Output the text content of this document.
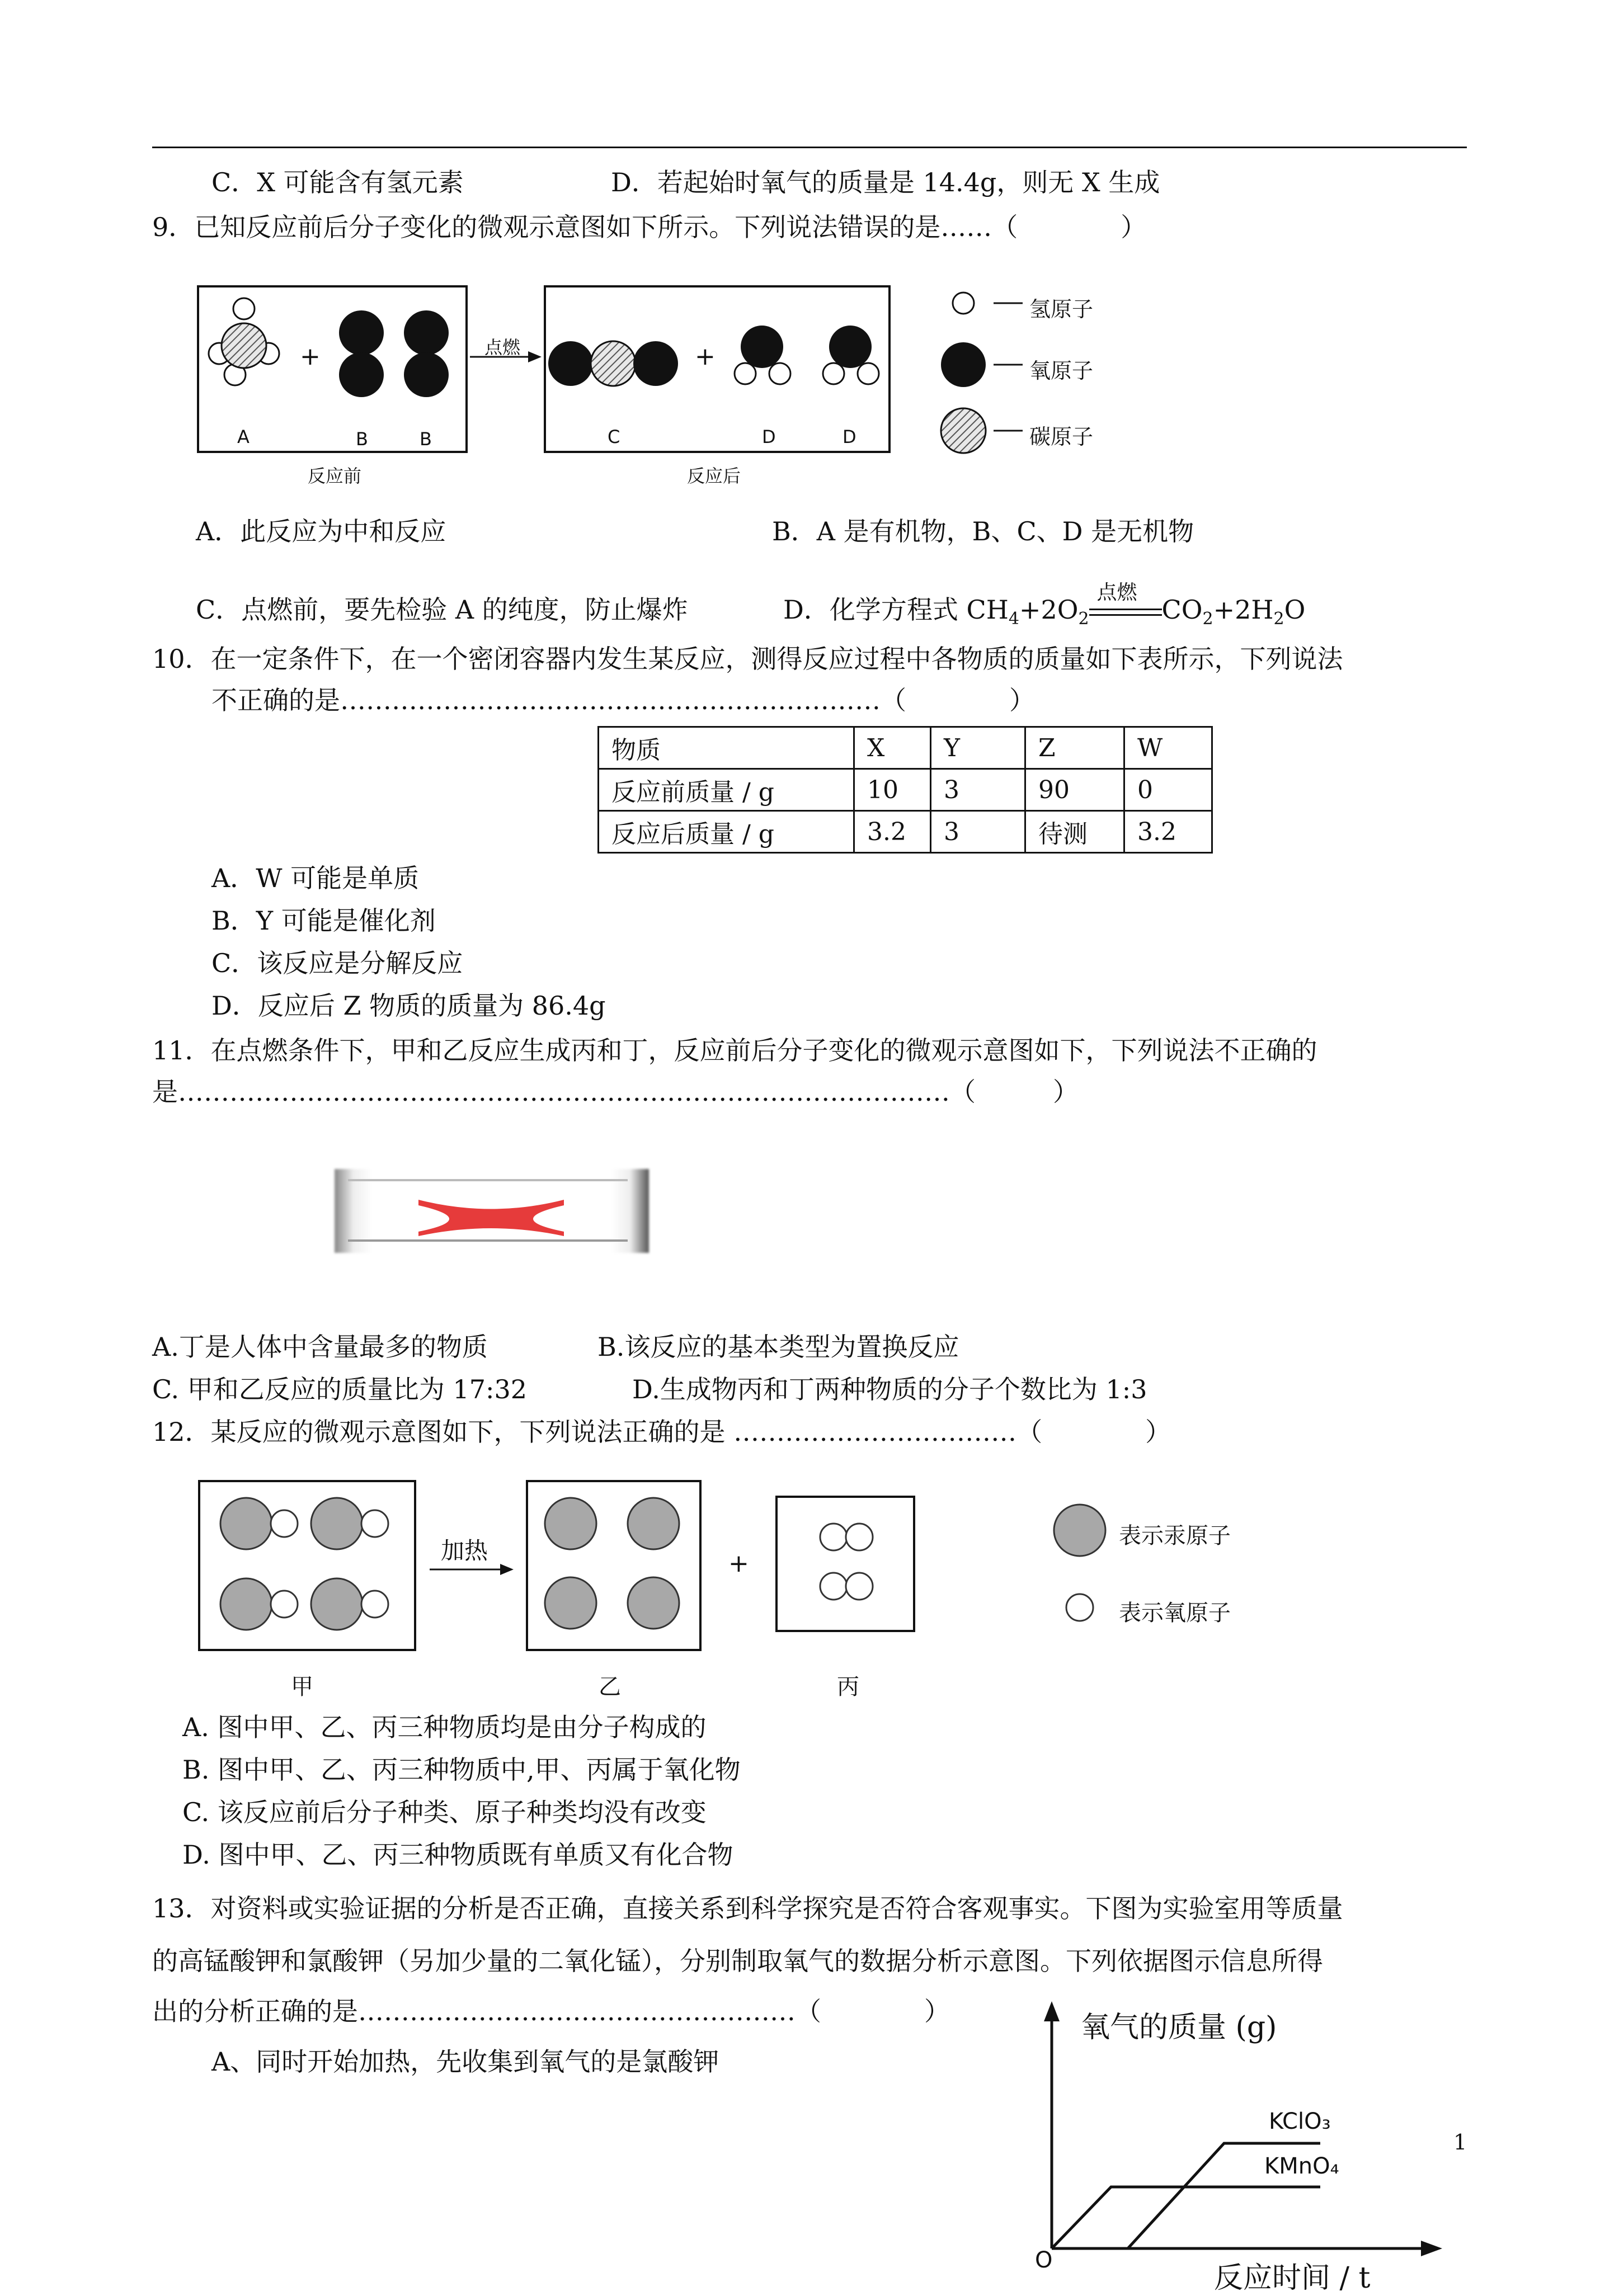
C．X 可能含有氢元素	D．若起始时氧气的质量是 14.4g，则无 X 生成
9．已知反应前后分子变化的微观示意图如下所示。下列说法错误的是……（　　　　）
点燃
+	+
A	B	B	C	D	D
反应前	反应后
氢原子
氧原子
碳原子
A．此反应为中和反应	B．A 是有机物，B、C、D 是无机物
C．点燃前，要先检验 A 的纯度，防止爆炸	D．化学方程式 $CH_4+2O_2$
点燃
$CO_2+2H_2O$
10．在一定条件下，在一个密闭容器内发生某反应，测得反应过程中各物质的质量如下表所示，下列说法
不正确的是………………………………………………………（　　　　）
物质	X	Y	Z	W
反应前质量 / g	10	3	90	0
反应后质量 / g	3.2	3	待测	3.2
A．W 可能是单质
B．Y 可能是催化剂
C．该反应是分解反应
D．反应后 Z 物质的质量为 86.4g
11．在点燃条件下，甲和乙反应生成丙和丁，反应前后分子变化的微观示意图如下，下列说法不正确的
是………………………………………………………………………………（　　　）
A.丁是人体中含量最多的物质	B.该反应的基本类型为置换反应
C. 甲和乙反应的质量比为 17:32	D.生成物丙和丁两种物质的分子个数比为 1:3
12．某反应的微观示意图如下，下列说法正确的是 ……………………………（　　　　）
加热	+
甲	乙	丙
表示汞原子
表示氧原子
A. 图中甲、乙、丙三种物质均是由分子构成的
B. 图中甲、乙、丙三种物质中,甲、丙属于氧化物
C. 该反应前后分子种类、原子种类均没有改变
D. 图中甲、乙、丙三种物质既有单质又有化合物
13．对资料或实验证据的分析是否正确，直接关系到科学探究是否符合客观事实。下图为实验室用等质量
的高锰酸钾和氯酸钾（另加少量的二氧化锰），分别制取氧气的数据分析示意图。下列依据图示信息所得
出的分析正确的是……………………………………………（　　　　）
A、同时开始加热，先收集到氧气的是氯酸钾
氧气的质量 (g)
KClO₃
KMnO₄
O
反应时间 / t
1
